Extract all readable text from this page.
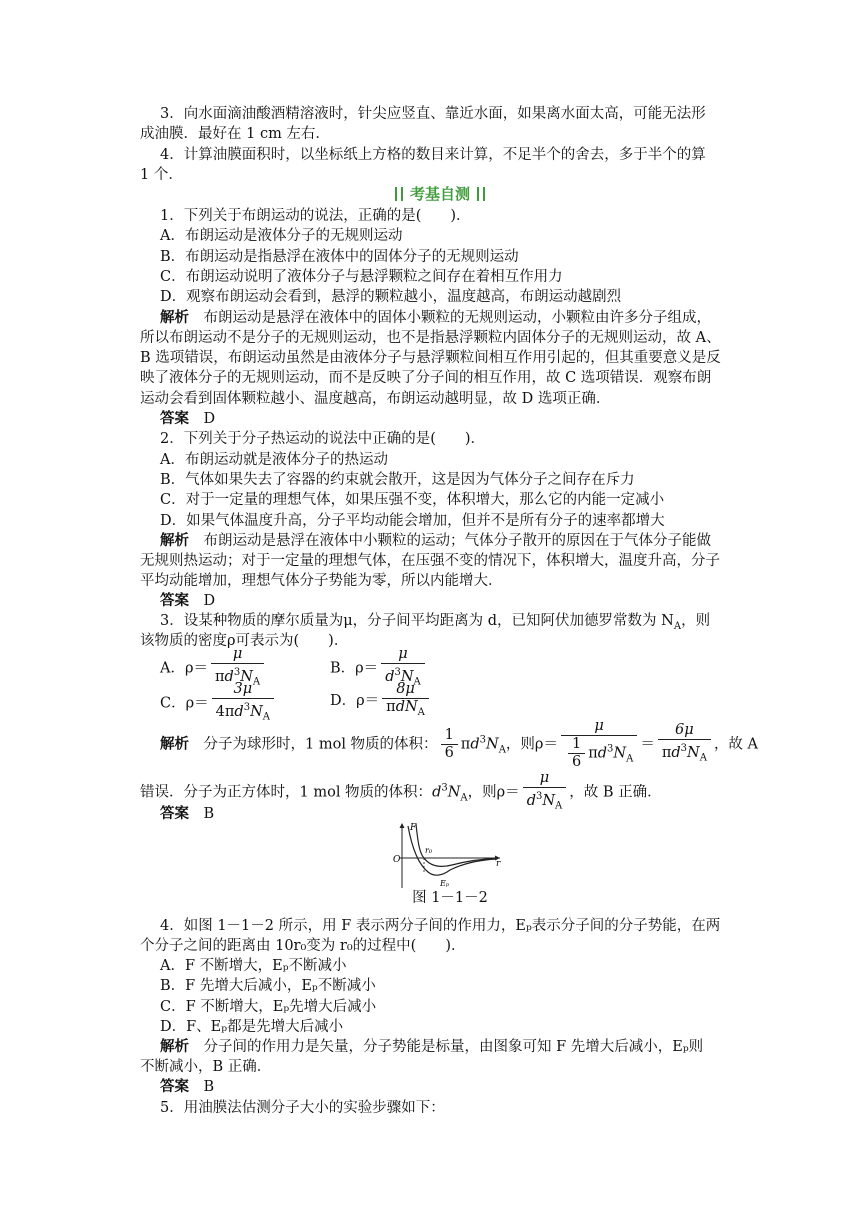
3．向水面滴油酸酒精溶液时，针尖应竖直、靠近水面，如果离水面太高，可能无法形
成油膜．最好在 1 cm 左右．
4．计算油膜面积时，以坐标纸上方格的数目来计算，不足半个的舍去，多于半个的算
1 个．
考基自测
1．下列关于布朗运动的说法，正确的是(　　)．
A．布朗运动是液体分子的无规则运动
B．布朗运动是指悬浮在液体中的固体分子的无规则运动
C．布朗运动说明了液体分子与悬浮颗粒之间存在着相互作用力
D．观察布朗运动会看到，悬浮的颗粒越小，温度越高，布朗运动越剧烈
解析　 布朗运动是悬浮在液体中的固体小颗粒的无规则运动，小颗粒由许多分子组成，
所以布朗运动不是分子的无规则运动，也不是指悬浮颗粒内固体分子的无规则运动，故 A、
B 选项错误，布朗运动虽然是由液体分子与悬浮颗粒间相互作用引起的，但其重要意义是反
映了液体分子的无规则运动，而不是反映了分子间的相互作用，故 C 选项错误．观察布朗
运动会看到固体颗粒越小、温度越高，布朗运动越明显，故 D 选项正确．
答案　 D
2．下列关于分子热运动的说法中正确的是(　　)．
A．布朗运动就是液体分子的热运动
B．气体如果失去了容器的约束就会散开，这是因为气体分子之间存在斥力
C．对于一定量的理想气体，如果压强不变，体积增大，那么它的内能一定减小
D．如果气体温度升高，分子平均动能会增加，但并不是所有分子的速率都增大
解析　 布朗运动是悬浮在液体中小颗粒的运动；气体分子散开的原因在于气体分子能做
无规则热运动；对于一定量的理想气体，在压强不变的情况下，体积增大，温度升高，分子
平均动能增加，理想气体分子势能为零，所以内能增大．
答案　 D
3．设某种物质的摩尔质量为μ，分子间平均距离为 d，已知阿伏加德罗常数为 $N_A$，则
该物质的密度ρ可表示为(　　)．
A．$\rho= \frac{\mu}{\pi d^3N_A}$	B．$\rho= \frac{\mu}{d^3N_A}$
C．$\rho= \frac{3\mu}{4\pi d^3N_A}$	D．$\rho= \frac{8\mu}{\pi dN_A}$
解析　 分子为球形时，1 mol 物质的体积： $\frac{1}{6} \pi d^3N_A$，则$\rho= \frac{\mu}{\frac{1}{6} \pi d^3N_A} = \frac{6\mu}{\pi d^3N_A}$ ，故 A
错误．分子为正方体时，1 mol 物质的体积：$d^3N_A$，则$\rho= \frac{\mu}{d^3N_A}$ ，故 B 正确．
答案　 B
F
O
r₀
r
Eₚ
图 1－1－2
4．如图 1－1－2 所示，用 F 表示两分子间的作用力，Eₚ表示分子间的分子势能，在两
个分子之间的距离由 10r₀变为 r₀的过程中(　　)．
A．F 不断增大，Eₚ不断减小
B．F 先增大后减小，Eₚ不断减小
C．F 不断增大，Eₚ先增大后减小
D．F、Eₚ都是先增大后减小
解析　 分子间的作用力是矢量，分子势能是标量，由图象可知 F 先增大后减小，Eₚ则
不断减小，B 正确．
答案　 B
5．用油膜法估测分子大小的实验步骤如下：
